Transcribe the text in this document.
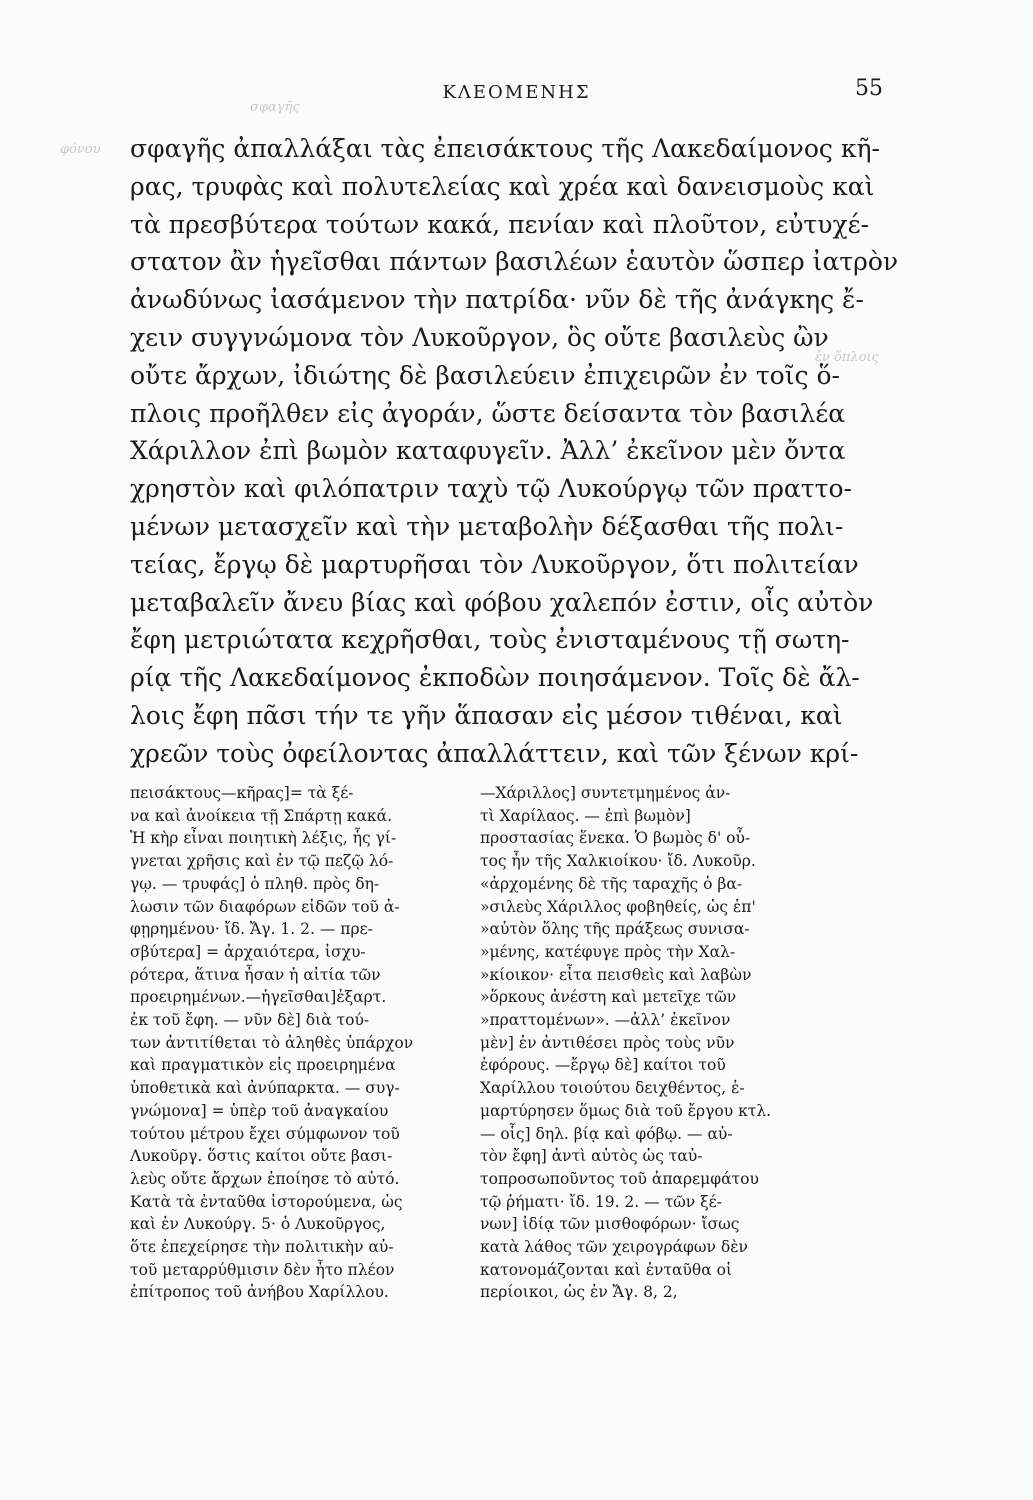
σφαγῆς
φόνου
ἐν ὅπλοις
ΚΛΕΟΜΕΝΗΣ	55
σφαγῆς ἀπαλλάξαι τὰς ἐπεισάκτους τῆς Λακεδαίμονος κῆ-
ρας, τρυφὰς καὶ πολυτελείας καὶ χρέα καὶ δανεισμοὺς καὶ
τὰ πρεσβύτερα τούτων κακά, πενίαν καὶ πλοῦτον, εὐτυχέ-
στατον ἂν ἡγεῖσθαι πάντων βασιλέων ἑαυτὸν ὥσπερ ἰατρὸν
ἀνωδύνως ἰασάμενον τὴν πατρίδα· νῦν δὲ τῆς ἀνάγκης ἔ-
χειν συγγνώμονα τὸν Λυκοῦργον, ὃς οὔτε βασιλεὺς ὢν
οὔτε ἄρχων, ἰδιώτης δὲ βασιλεύειν ἐπιχειρῶν ἐν τοῖς ὅ-
πλοις προῆλθεν εἰς ἀγοράν, ὥστε δείσαντα τὸν βασιλέα
Χάριλλον ἐπὶ βωμὸν καταφυγεῖν. Ἀλλ’ ἐκεῖνον μὲν ὄντα
χρηστὸν καὶ φιλόπατριν ταχὺ τῷ Λυκούργῳ τῶν πραττο-
μένων μετασχεῖν καὶ τὴν μεταβολὴν δέξασθαι τῆς πολι-
τείας, ἔργῳ δὲ μαρτυρῆσαι τὸν Λυκοῦργον, ὅτι πολιτείαν
μεταβαλεῖν ἄνευ βίας καὶ φόβου χαλεπόν ἐστιν, οἷς αὐτὸν
ἔφη μετριώτατα κεχρῆσθαι, τοὺς ἐνισταμένους τῇ σωτη-
ρίᾳ τῆς Λακεδαίμονος ἐκποδὼν ποιησάμενον. Τοῖς δὲ ἄλ-
λοις ἔφη πᾶσι τήν τε γῆν ἅπασαν εἰς μέσον τιθέναι, καὶ
χρεῶν τοὺς ὀφείλοντας ἀπαλλάττειν, καὶ τῶν ξένων κρί-
πεισάκτους—κῆρας]= τὰ ξέ-
να καὶ ἀνοίκεια τῇ Σπάρτῃ κακά.
Ἡ κὴρ εἶναι ποιητικὴ λέξις, ἧς γί-
γνεται χρῆσις καὶ ἐν τῷ πεζῷ λό-
γῳ. — τρυφάς] ὁ πληθ. πρὸς δη-
λωσιν τῶν διαφόρων εἰδῶν τοῦ ἀ-
φῃρημένου· ἴδ. Ἄγ. 1. 2. — πρε-
σβύτερα] = ἀρχαιότερα, ἰσχυ-
ρότερα, ἅτινα ἦσαν ἡ αἰτία τῶν
προειρημένων.—ἡγεῖσθαι]ἐξαρτ.
ἐκ τοῦ ἔφη. — νῦν δὲ] διὰ τού-
των ἀντιτίθεται τὸ ἀληθὲς ὑπάρχον
καὶ πραγματικὸν εἰς προειρημένα
ὑποθετικὰ καὶ ἀνύπαρκτα. — συγ-
γνώμονα] = ὑπὲρ τοῦ ἀναγκαίου
τούτου μέτρου ἔχει σύμφωνον τοῦ
Λυκοῦργ. ὅστις καίτοι οὔτε βασι-
λεὺς οὔτε ἄρχων ἐποίησε τὸ αὐτό.
Κατὰ τὰ ἐνταῦθα ἱστορούμενα, ὡς
καὶ ἐν Λυκούργ. 5· ὁ Λυκοῦργος,
ὅτε ἐπεχείρησε τὴν πολιτικὴν αὐ-
τοῦ μεταρρύθμισιν δὲν ἦτο πλέον
ἐπίτροπος τοῦ ἀνήβου Χαρίλλου.
—Χάριλλος] συντετμημένος ἀν-
τὶ Χαρίλαος. — ἐπὶ βωμὸν]
προστασίας ἕνεκα. Ὁ βωμὸς δ' οὗ-
τος ἦν τῆς Χαλκιοίκου· ἴδ. Λυκοῦρ.
«ἀρχομένης δὲ τῆς ταραχῆς ὁ βα-
»σιλεὺς Χάριλλος φοβηθείς, ὡς ἐπ'
»αὐτὸν ὅλης τῆς πράξεως συνισα-
»μένης, κατέφυγε πρὸς τὴν Χαλ-
»κίοικον· εἶτα πεισθεὶς καὶ λαβὼν
»ὅρκους ἀνέστη καὶ μετεῖχε τῶν
»πραττομένων». —ἀλλ’ ἐκεῖνον
μὲν] ἐν ἀντιθέσει πρὸς τοὺς νῦν
ἐφόρους. —ἔργῳ δὲ] καίτοι τοῦ
Χαρίλλου τοιούτου δειχθέντος, ἐ-
μαρτύρησεν ὅμως διὰ τοῦ ἔργου κτλ.
— οἷς] δηλ. βίᾳ καὶ φόβῳ. — αὐ-
τὸν ἔφη] ἀντὶ αὐτὸς ὡς ταὐ-
τοπροσωποῦντος τοῦ ἀπαρεμφάτου
τῷ ῥήματι· ἴδ. 19. 2. — τῶν ξέ-
νων] ἰδίᾳ τῶν μισθοφόρων· ἴσως
κατὰ λάθος τῶν χειρογράφων δὲν
κατονομάζονται καὶ ἐνταῦθα οἱ
περίοικοι, ὡς ἐν Ἄγ. 8, 2,
